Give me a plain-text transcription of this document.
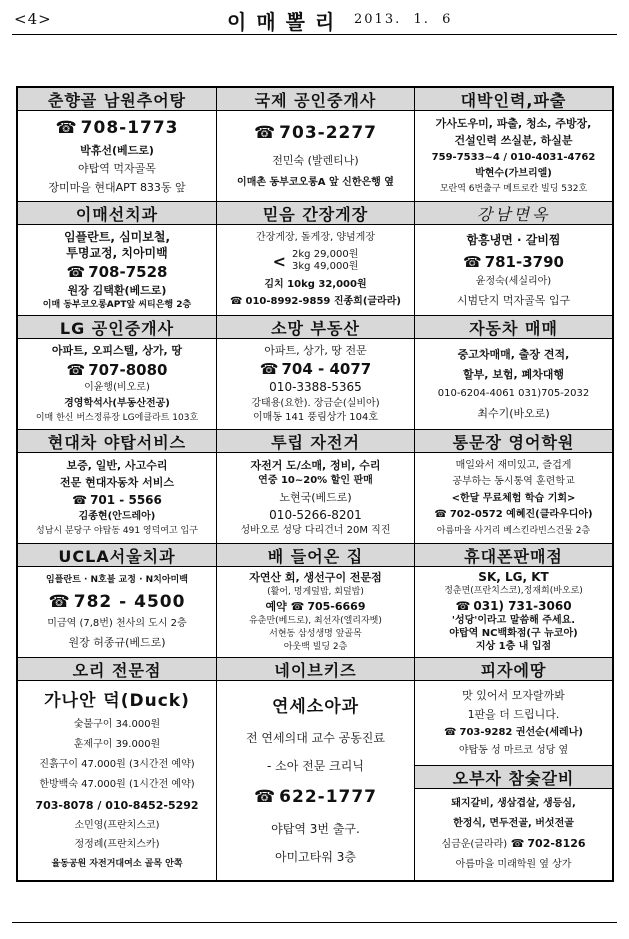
<4>	이매뽈리 2013.  1.  6
춘향골 남원추어탕
☎ 708-1773
박휴선(베드로)
야탑역 먹자골목
장미마을 현대APT 833동 앞
국제 공인중개사
☎ 703-2277
전민숙 (발렌티나)
이매촌 동부코오롱A 앞 신한은행 옆
대박인력,파출
가사도우미, 파출, 청소, 주방장,
건설인력 쓰실분, 하실분
759-7533~4 / 010-4031-4762
박현수(가브리엘)
모란역 6번출구 메트로칸 빌딩 532호
이매선치과
임플란트, 심미보철,
투명교정, 치아미백
☎ 708-7528
원장 김택환(베드로)
이매 동부코오롱APT앞 씨티은행 2층
믿음 간장게장
간장게장, 돌게장, 양념게장
< 2kg 29,000원
3kg 49,000원
김치 10kg 32,000원
☎ 010-8992-9859 진종희(글라라)
강남면옥
함흥냉면 · 갈비찜
☎ 781-3790
윤정숙(세실리아)
시범단지 먹자골목 입구
LG 공인중개사
아파트, 오피스텔, 상가, 땅
☎ 707-8080
이윤행(비오로)
경영학석사(부동산전공)
이매 한신 버스정류장 LG에클라트 103호
소망 부동산
아파트, 상가, 땅 전문
☎ 704 - 4077
010-3388-5365
강태용(요한). 장금순(실비아)
이매동 141 풍림상가 104호
자동차 매매
중고차매매, 출장 견적,
할부, 보험, 폐차대행
010-6204-4061 031)705-2032
최수기(바오로)
현대차 야탑서비스
보증, 일반, 사고수리
전문 현대자동차 서비스
☎ 701 - 5566
김종현(안드레아)
성남시 분당구 야탑동 491 영덕여고 입구
투립 자전거
자전거 도/소매, 정비, 수리
연중 10~20% 할인 판매
노현국(베드로)
010-5266-8201
성바오로 성당 다리건너 20M 직진
통문장 영어학원
매일와서 재미있고, 즐겁게
공부하는 동시통역 훈련학교
<한달 무료체험 학습 기회>
☎ 702-0572 예혜진(클라우디아)
아름마을 사거리 베스킨라빈스건물 2층
UCLA서울치과
임플란트 · N호불 교정 · N치아미백
☎ 782 - 4500
미금역 (7,8번) 천사의 도시 2층
원장 허종규(베드로)
배 들어온 집
자연산 회, 생선구이 전문점
(활어, 멍게덮밥, 회덮밥)
예약 ☎ 705-6669
유춘만(베드로), 최선자(엘리자벳)
서현동 삼성생명 앞골목
아웃백 빌딩 2층
휴대폰판매점
SK, LG, KT
정춘면(프란치스코),정재희(바오로)
☎ 031) 731-3060
'성당'이라고 말씀해 주세요.
야탑역 NC백화점(구 뉴코아)
지상 1층 내 입점
오리 전문점
가나안 덕(Duck)
숯불구이 34.000원
훈제구이 39.000원
진흙구이 47.000원 (3시간전 예약)
한방백숙 47.000원 (1시간전 예약)
703-8078 / 010-8452-5292
소민영(프란치스코)
정정례(프란치스카)
율동공원 자전거대여소 골목 안쪽
네이브키즈
연세소아과
전 연세의대 교수 공동진료
- 소아 전문 크리닉
☎ 622-1777
야탑역 3번 출구.
아미고타워 3층
피자에땅
맛 있어서 모자랄까봐
1판을 더 드립니다.
☎ 703-9282 권선순(세레나)
야탑동 성 마르코 성당 옆
오부자 참숯갈비
돼지갈비, 생삼겹살, 생등심,
한정식, 면두전골, 버섯전골
심금운(글라라) ☎ 702-8126
아름마을 미래학원 옆 상가
